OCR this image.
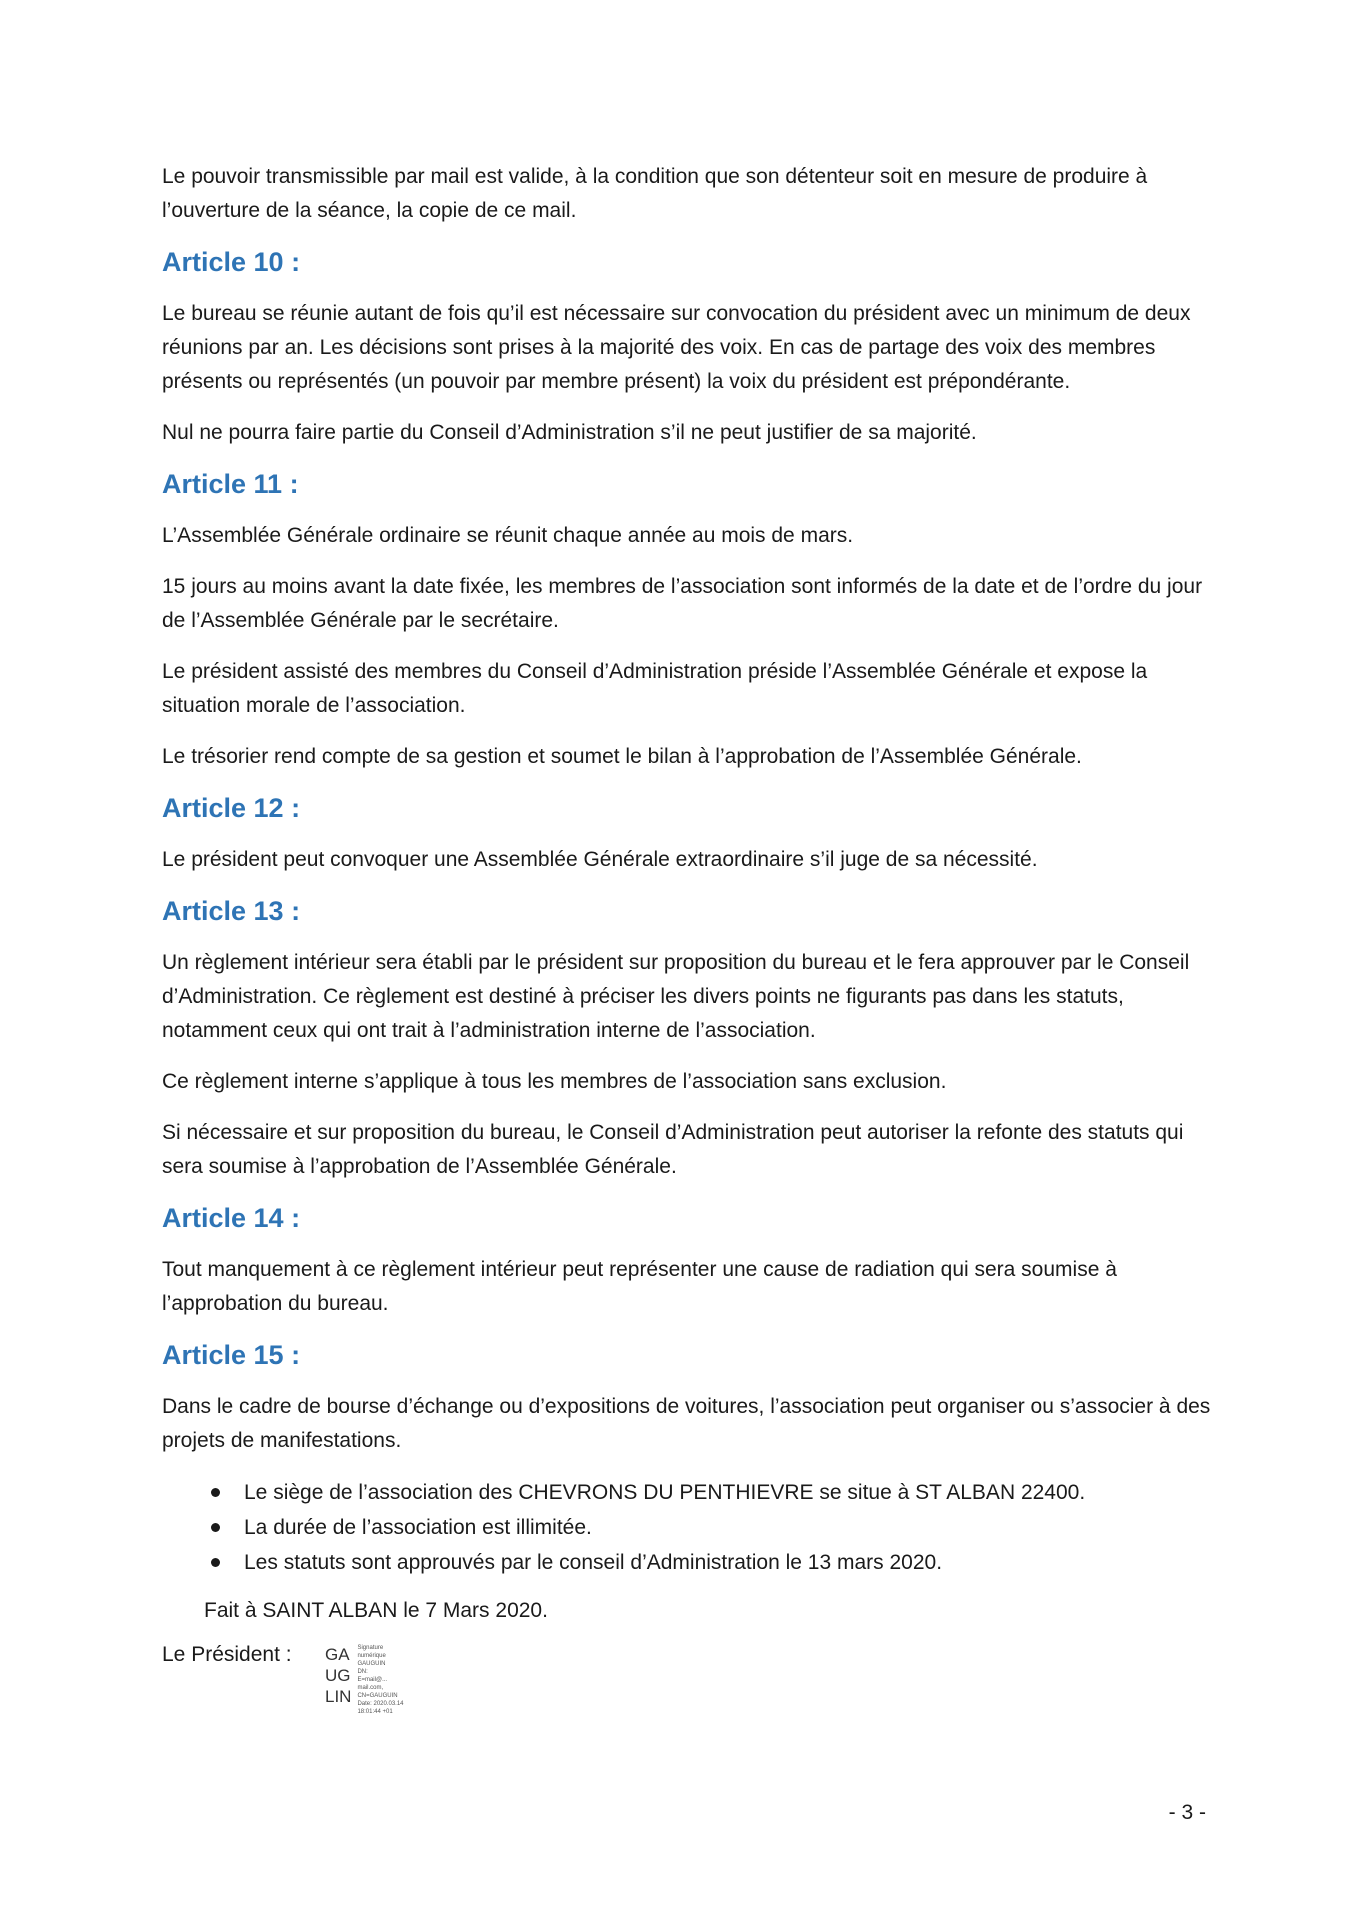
Le pouvoir transmissible par mail est valide, à la condition que son détenteur soit en mesure de produire à l’ouverture de la séance, la copie de ce mail.

Article 10 :

Le bureau se réunie autant de fois qu’il est nécessaire sur convocation du président avec un minimum de deux réunions par an. Les décisions sont prises à la majorité des voix. En cas de partage des voix des membres présents ou représentés (un pouvoir par membre présent) la voix du président est prépondérante.

Nul ne pourra faire partie du Conseil d’Administration s’il ne peut justifier de sa majorité.

Article 11 :

L’Assemblée Générale ordinaire se réunit chaque année au mois de mars.

15 jours au moins avant la date fixée, les membres de l’association sont informés de la date et de l’ordre du jour de l’Assemblée Générale par le secrétaire.

Le président assisté des membres du Conseil d’Administration préside l’Assemblée Générale et expose la situation morale de l’association.

Le trésorier rend compte de sa gestion et soumet le bilan à l’approbation de l’Assemblée Générale.

Article 12 :

Le président peut convoquer une Assemblée Générale extraordinaire s’il juge de sa nécessité.

Article 13 :

Un règlement intérieur sera établi par le président sur proposition du bureau et le fera approuver par le Conseil d’Administration. Ce règlement est destiné à préciser les divers points ne figurants pas dans les statuts, notamment ceux qui ont trait à l’administration interne de l’association.

Ce règlement interne s’applique à tous les membres de l’association sans exclusion.

Si nécessaire et sur proposition du bureau, le Conseil d’Administration peut autoriser la refonte des statuts qui sera soumise à l’approbation de l’Assemblée Générale.

Article 14 :

Tout manquement à ce règlement intérieur peut représenter une cause de radiation qui sera soumise à l’approbation du bureau.

Article 15 :

Dans le cadre de bourse d’échange ou d’expositions de voitures, l’association peut organiser ou s’associer à des projets de manifestations.

Le siège de l’association des CHEVRONS DU PENTHIEVRE se situe à ST ALBAN 22400.
La durée de l’association est illimitée.
Les statuts sont approuvés par le conseil d’Administration le 13 mars 2020.
Fait à SAINT ALBAN le 7 Mars 2020.
Le Président : GA
UG
LIN
Signature
numérique
GAUGUIN
DN:
E=mail@...
mail.com,
CN=GAUGUIN
Date: 2020.03.14
18:01:44 +01
- 3 -
